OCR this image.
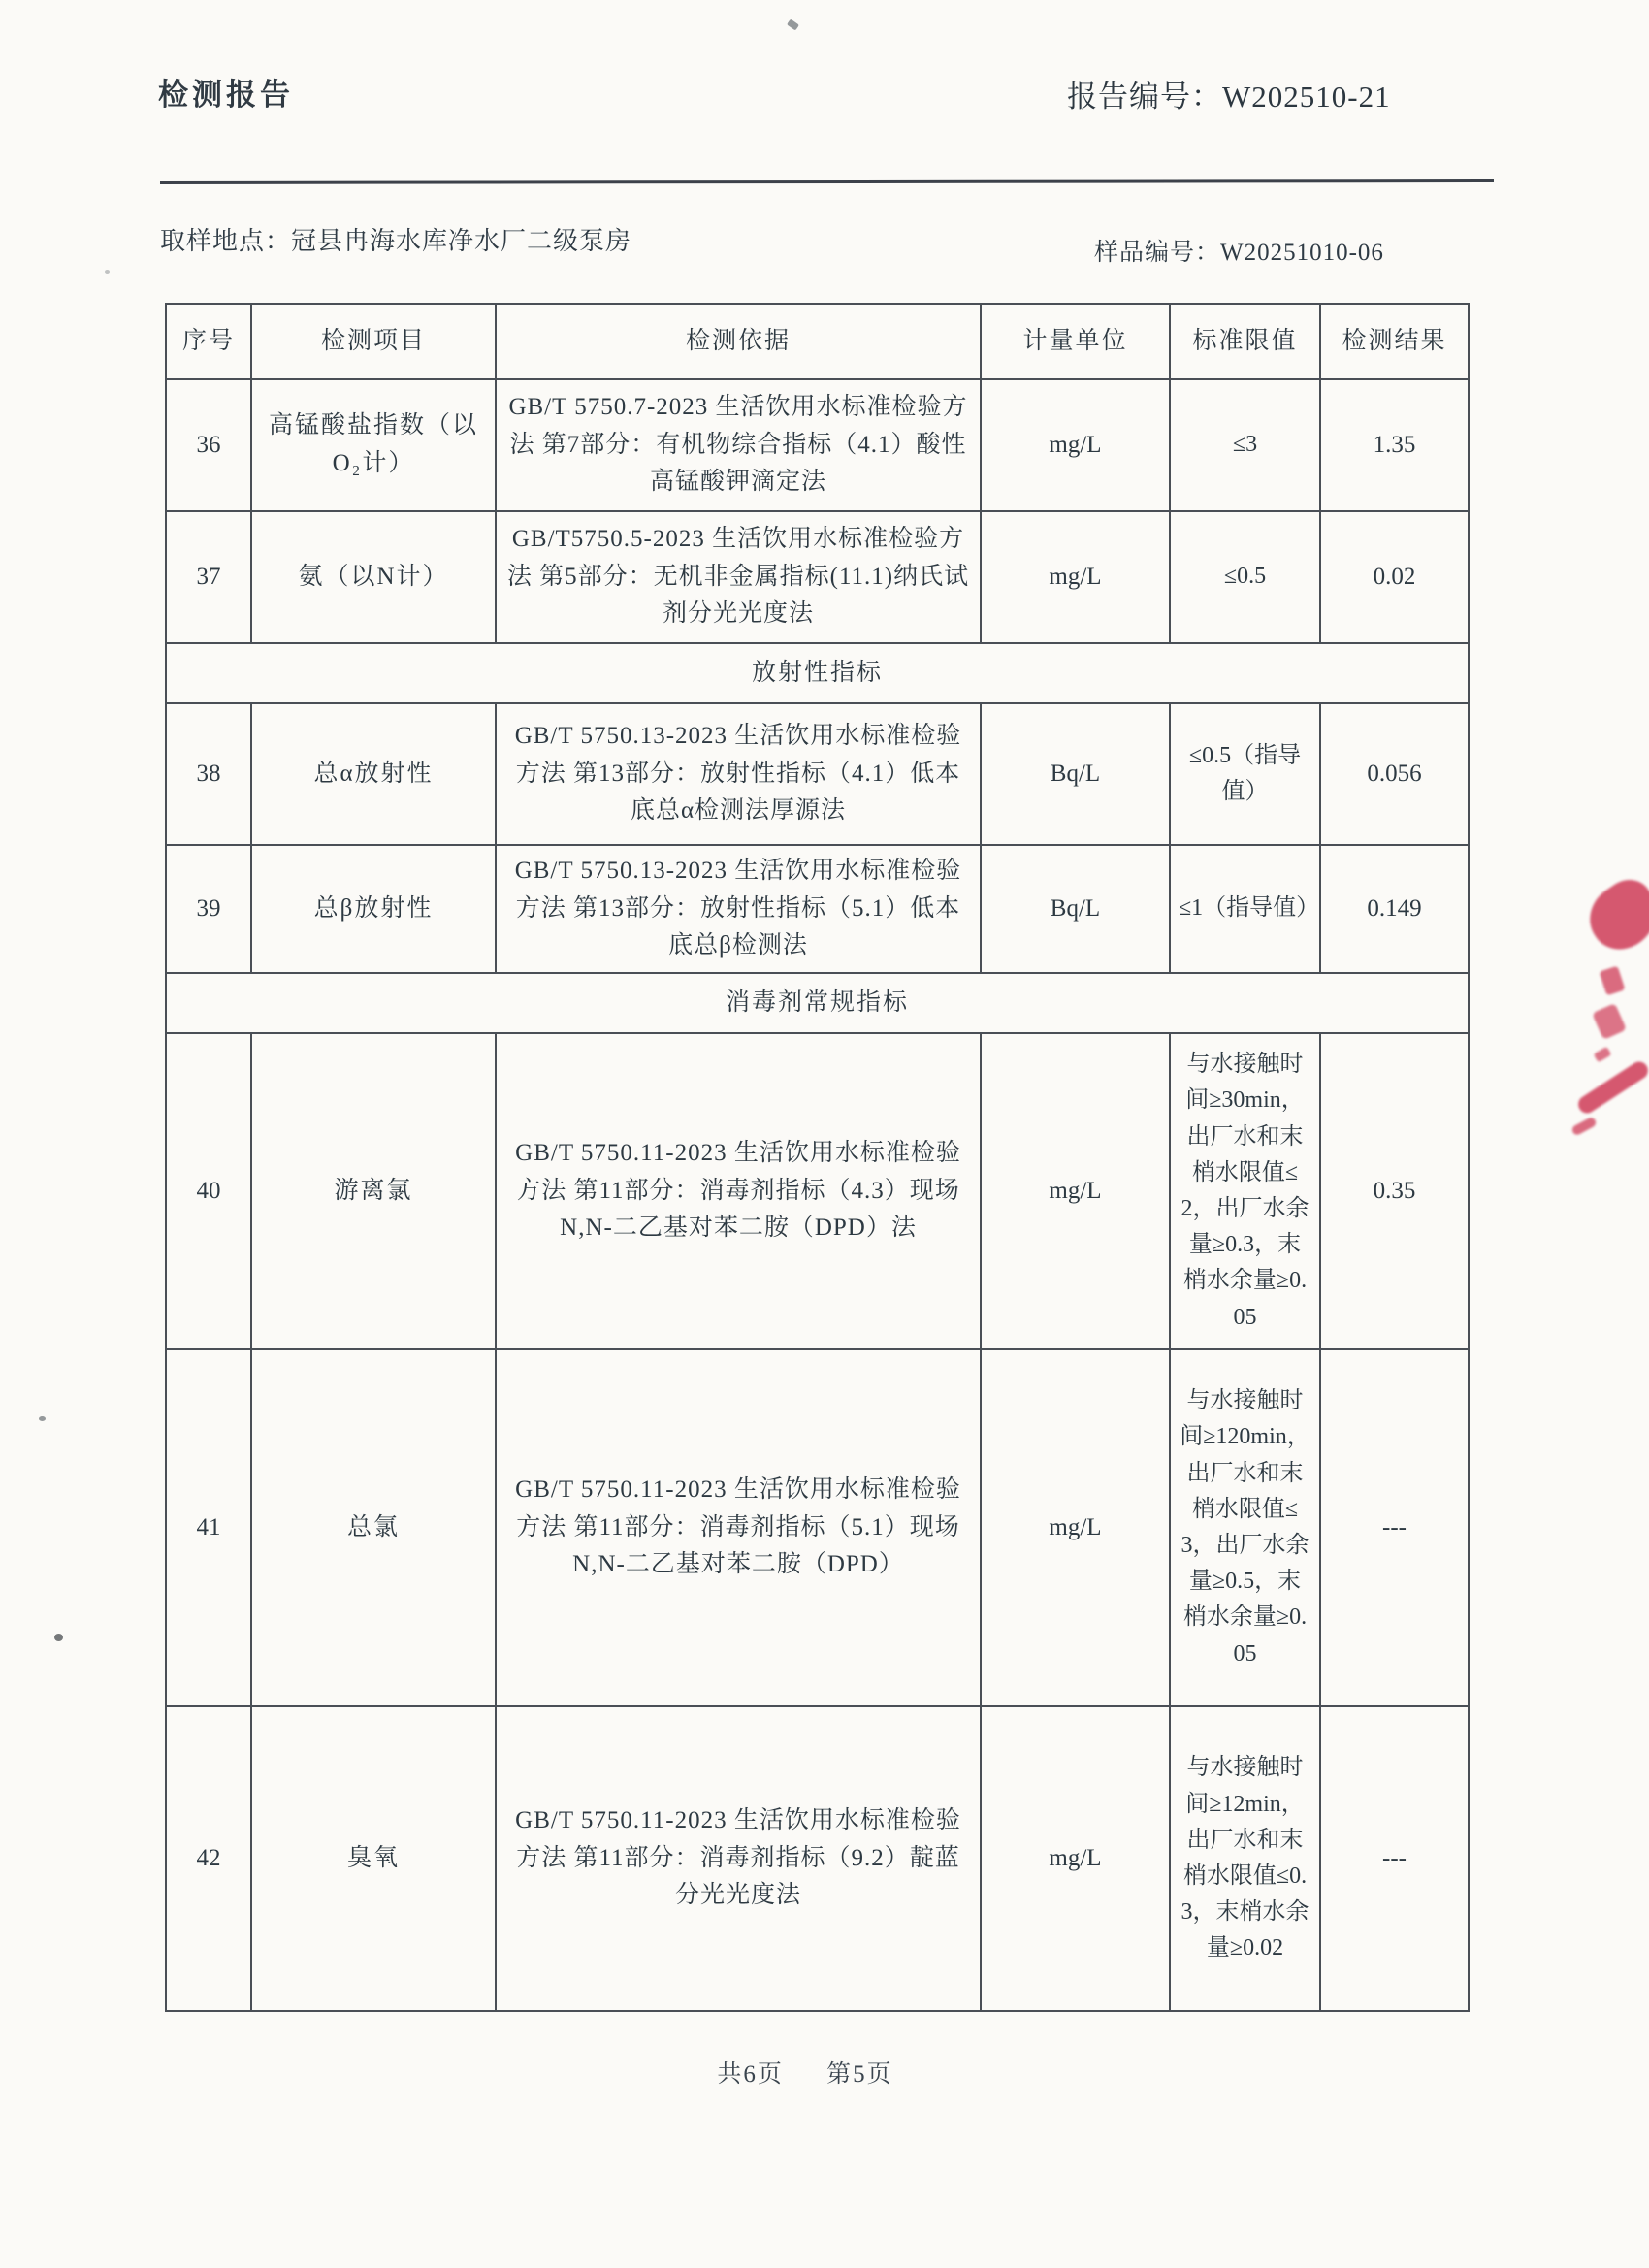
检测报告	报告编号：W202510-21
取样地点：冠县冉海水库净水厂二级泵房	样品编号：W20251010-06
序号	检测项目	检测依据	计量单位	标准限值	检测结果
36	高锰酸盐指数（以O₂计）	GB/T 5750.7-2023 生活饮用水标准检验方法 第7部分：有机物综合指标（4.1）酸性高锰酸钾滴定法	mg/L	≤3	1.35
37	氨（以N计）	GB/T5750.5-2023 生活饮用水标准检验方法 第5部分：无机非金属指标(11.1)纳氏试剂分光光度法	mg/L	≤0.5	0.02
放射性指标					
38	总α放射性	GB/T 5750.13-2023 生活饮用水标准检验方法 第13部分：放射性指标（4.1）低本底总α检测法厚源法	Bq/L	≤0.5（指导值）	0.056
39	总β放射性	GB/T 5750.13-2023 生活饮用水标准检验方法 第13部分：放射性指标（5.1）低本底总β检测法	Bq/L	≤1（指导值）	0.149
消毒剂常规指标					
40	游离氯	GB/T 5750.11-2023 生活饮用水标准检验方法 第11部分：消毒剂指标（4.3）现场 N,N-二乙基对苯二胺（DPD）法	mg/L	与水接触时间≥30min，出厂水和末梢水限值≤2，出厂水余量≥0.3，末梢水余量≥0.05	0.35
41	总氯	GB/T 5750.11-2023 生活饮用水标准检验方法 第11部分：消毒剂指标（5.1）现场 N,N-二乙基对苯二胺（DPD）	mg/L	与水接触时间≥120min，出厂水和末梢水限值≤3，出厂水余量≥0.5，末梢水余量≥0.05	---
42	臭氧	GB/T 5750.11-2023 生活饮用水标准检验方法 第11部分：消毒剂指标（9.2）靛蓝分光光度法	mg/L	与水接触时间≥12min，出厂水和末梢水限值≤0.3，末梢水余量≥0.02	---
共6页 第5页
